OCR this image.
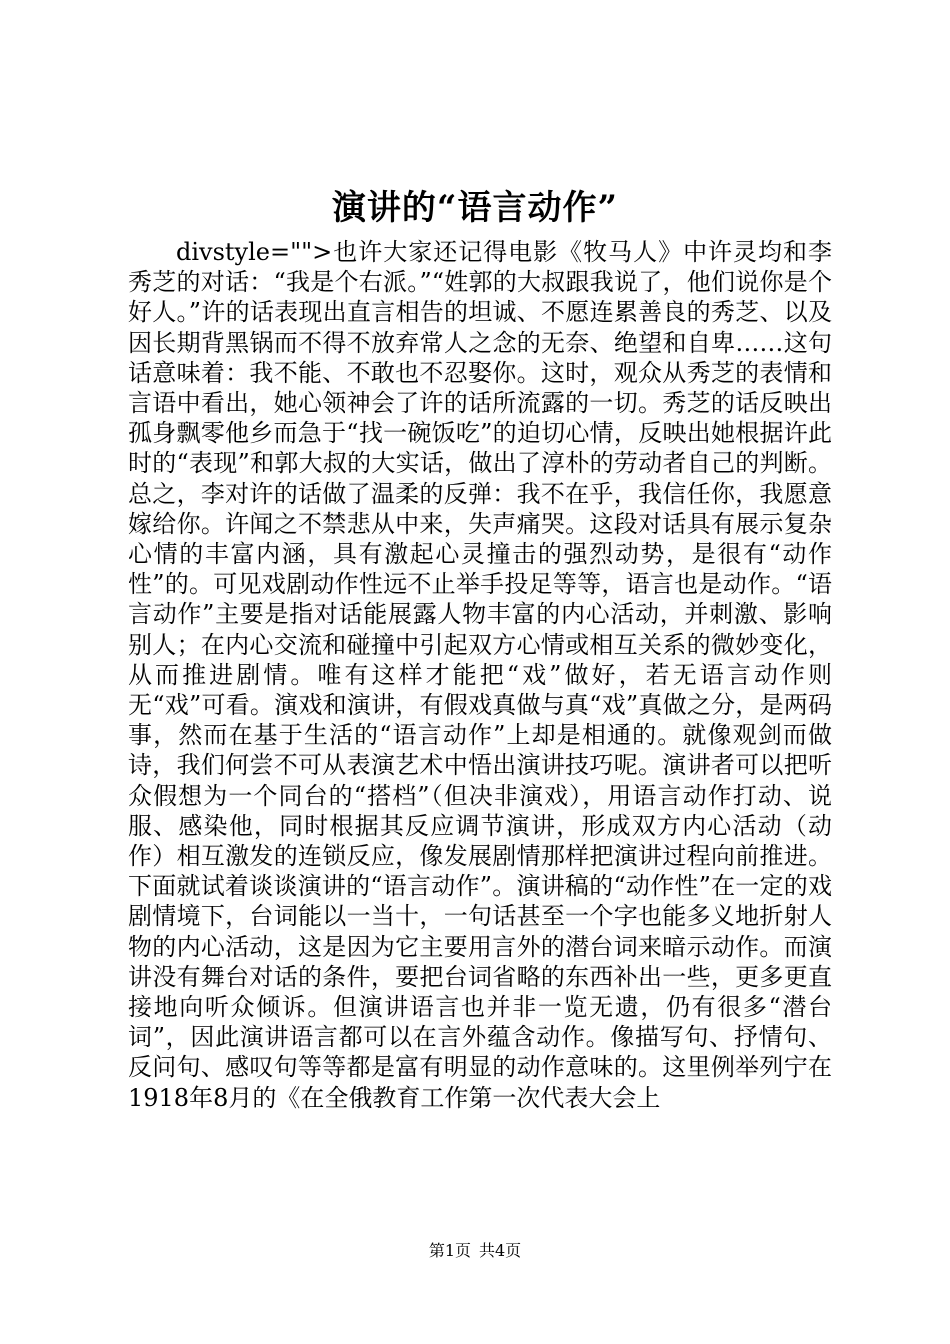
演讲的“语言动作”

divstyle="">也许大家还记得电影《牧马人》中许灵均和李秀芝的对话：“我是个右派。”“姓郭的大叔跟我说了，他们说你是个好人。”许的话表现出直言相告的坦诚、不愿连累善良的秀芝、以及因长期背黑锅而不得不放弃常人之念的无奈、绝望和自卑……这句话意味着：我不能、不敢也不忍娶你。这时，观众从秀芝的表情和言语中看出，她心领神会了许的话所流露的一切。秀芝的话反映出孤身飘零他乡而急于“找一碗饭吃”的迫切心情，反映出她根据许此时的“表现”和郭大叔的大实话，做出了淳朴的劳动者自己的判断。总之，李对许的话做了温柔的反弹：我不在乎，我信任你，我愿意嫁给你。许闻之不禁悲从中来，失声痛哭。这段对话具有展示复杂心情的丰富内涵，具有激起心灵撞击的强烈动势，是很有“动作性”的。可见戏剧动作性远不止举手投足等等，语言也是动作。“语言动作”主要是指对话能展露人物丰富的内心活动，并刺激、影响别人；在内心交流和碰撞中引起双方心情或相互关系的微妙变化，从而推进剧情。唯有这样才能把“戏”做好，若无语言动作则无“戏”可看。演戏和演讲，有假戏真做与真“戏”真做之分，是两码事，然而在基于生活的“语言动作”上却是相通的。就像观剑而做诗，我们何尝不可从表演艺术中悟出演讲技巧呢。演讲者可以把听众假想为一个同台的“搭档”（但决非演戏），用语言动作打动、说服、感染他，同时根据其反应调节演讲，形成双方内心活动（动作）相互激发的连锁反应，像发展剧情那样把演讲过程向前推进。下面就试着谈谈演讲的“语言动作”。演讲稿的“动作性”在一定的戏剧情境下，台词能以一当十，一句话甚至一个字也能多义地折射人物的内心活动，这是因为它主要用言外的潜台词来暗示动作。而演讲没有舞台对话的条件，要把台词省略的东西补出一些，更多更直接地向听众倾诉。但演讲语言也并非一览无遗，仍有很多“潜台词”，因此演讲语言都可以在言外蕴含动作。像描写句、抒情句、反问句、感叹句等等都是富有明显的动作意味的。这里例举列宁在1918年8月的《在全俄教育工作第一次代表大会上

第1页 共4页
